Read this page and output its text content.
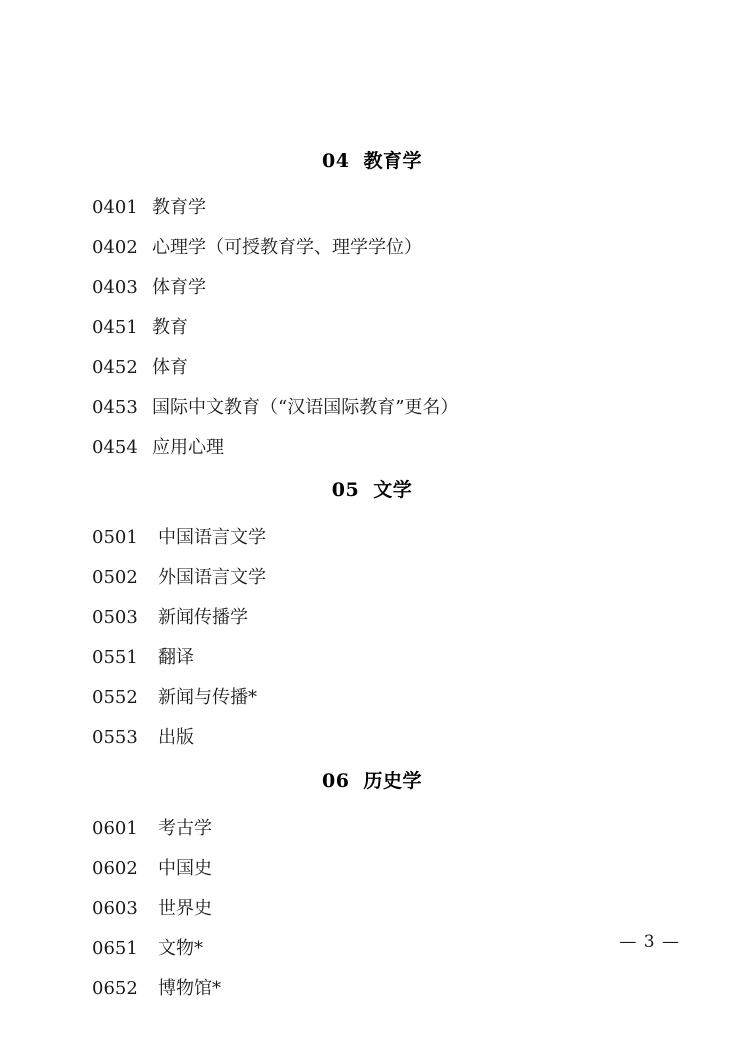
04 教育学
0401 教育学
0402 心理学（可授教育学、理学学位）
0403 体育学
0451 教育
0452 体育
0453 国际中文教育（“汉语国际教育”更名）
0454 应用心理
05 文学
0501	中国语言文学
0502	外国语言文学
0503	新闻传播学
0551	翻译
0552	新闻与传播*
0553	出版
06 历史学
0601	考古学
0602	中国史
0603	世界史
0651	文物*
0652	博物馆*
— 3 —
